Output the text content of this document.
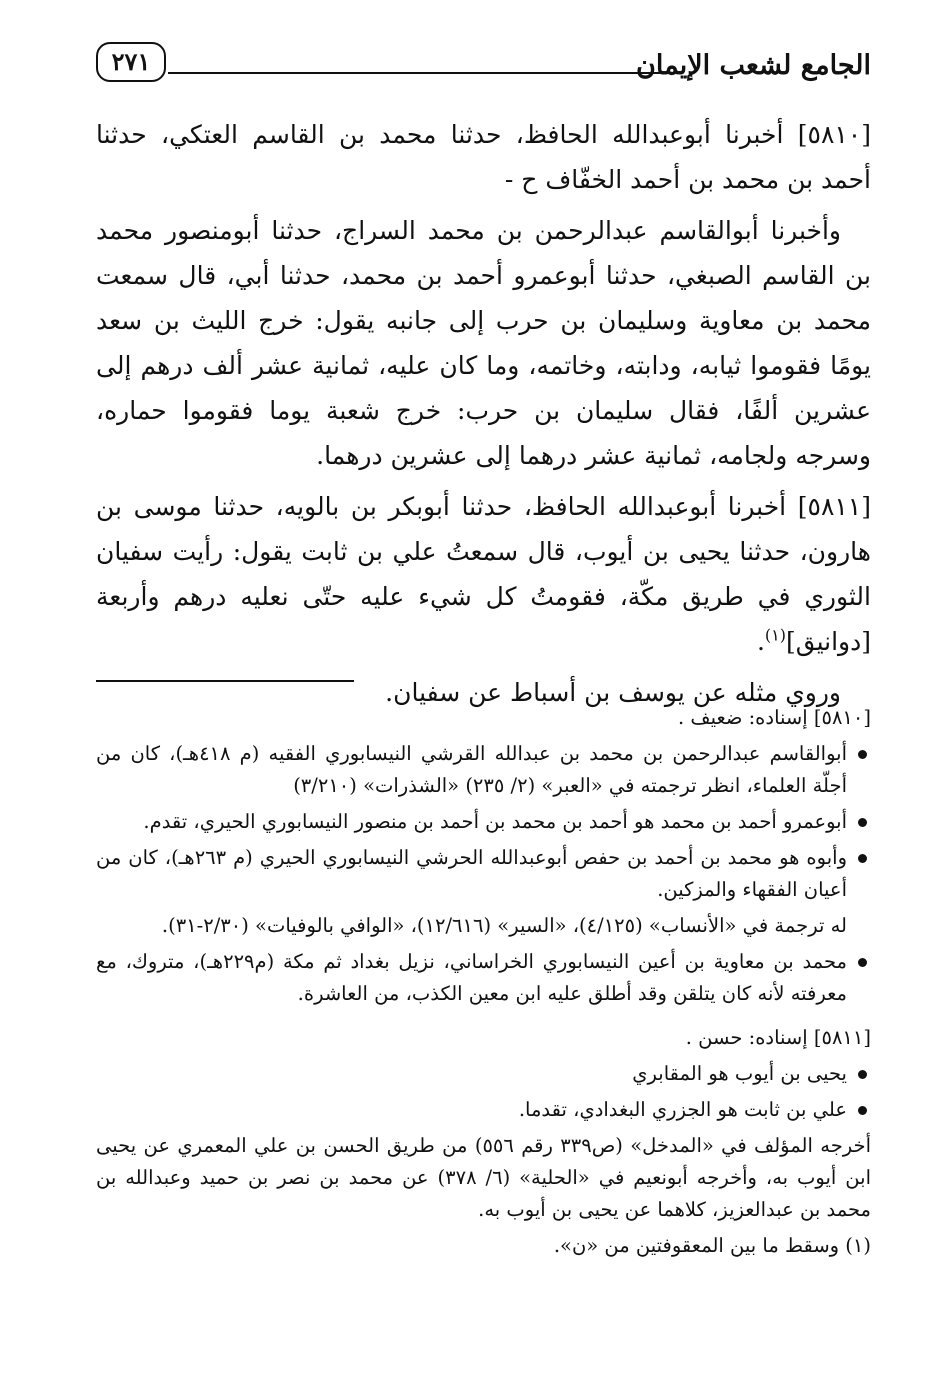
الجامع لشعب الإيمان
٢٧١

[٥٨١٠] أخبرنا أبوعبدالله الحافظ، حدثنا محمد بن القاسم العتكي، حدثنا أحمد بن محمد بن أحمد الخفّاف ح -

وأخبرنا أبوالقاسم عبدالرحمن بن محمد السراج، حدثنا أبومنصور محمد بن القاسم الصبغي، حدثنا أبوعمرو أحمد بن محمد، حدثنا أبي، قال سمعت محمد بن معاوية وسليمان بن حرب إلى جانبه يقول: خرج الليث بن سعد يومًا فقوموا ثيابه، ودابته، وخاتمه، وما كان عليه، ثمانية عشر ألف درهم إلى عشرين ألفًا، فقال سليمان بن حرب: خرج شعبة يوما فقوموا حماره، وسرجه ولجامه، ثمانية عشر درهما إلى عشرين درهما.

[٥٨١١] أخبرنا أبوعبدالله الحافظ، حدثنا أبوبكر بن بالويه، حدثنا موسى بن هارون، حدثنا يحيى بن أيوب، قال سمعتُ علي بن ثابت يقول: رأيت سفيان الثوري في طريق مكّة، فقومتُ كل شيء عليه حتّى نعليه درهم وأربعة [دوانيق]$^{(١)}$.

وروي مثله عن يوسف بن أسباط عن سفيان.

[٥٨١٠] إسناده: ضعيف .

أبوالقاسم عبدالرحمن بن محمد بن عبدالله القرشي النيسابوري الفقيه (م ٤١٨هـ)، كان من أجلّة العلماء، انظر ترجمته في «العبر» (٢/ ٢٣٥) «الشذرات» (٣/٢١٠)

أبوعمرو أحمد بن محمد هو أحمد بن محمد بن أحمد بن منصور النيسابوري الحيري، تقدم.

وأبوه هو محمد بن أحمد بن حفص أبوعبدالله الحرشي النيسابوري الحيري (م ٢٦٣هـ)، كان من أعيان الفقهاء والمزكين.

له ترجمة في «الأنساب» (٤/١٢٥)، «السير» (١٢/٦١٦)، «الوافي بالوفيات» (٢/٣٠-٣١).

محمد بن معاوية بن أعين النيسابوري الخراساني، نزيل بغداد ثم مكة (م٢٢٩هـ)، متروك، مع معرفته لأنه كان يتلقن وقد أطلق عليه ابن معين الكذب، من العاشرة.

[٥٨١١] إسناده: حسن .

يحيى بن أيوب هو المقابري

علي بن ثابت هو الجزري البغدادي، تقدما.

أخرجه المؤلف في «المدخل» (ص٣٣٩ رقم ٥٥٦) من طريق الحسن بن علي المعمري عن يحيى ابن أيوب به، وأخرجه أبونعيم في «الحلية» (٦/ ٣٧٨) عن محمد بن نصر بن حميد وعبدالله بن محمد بن عبدالعزيز، كلاهما عن يحيى بن أيوب به.

(١) وسقط ما بين المعقوفتين من «ن».
